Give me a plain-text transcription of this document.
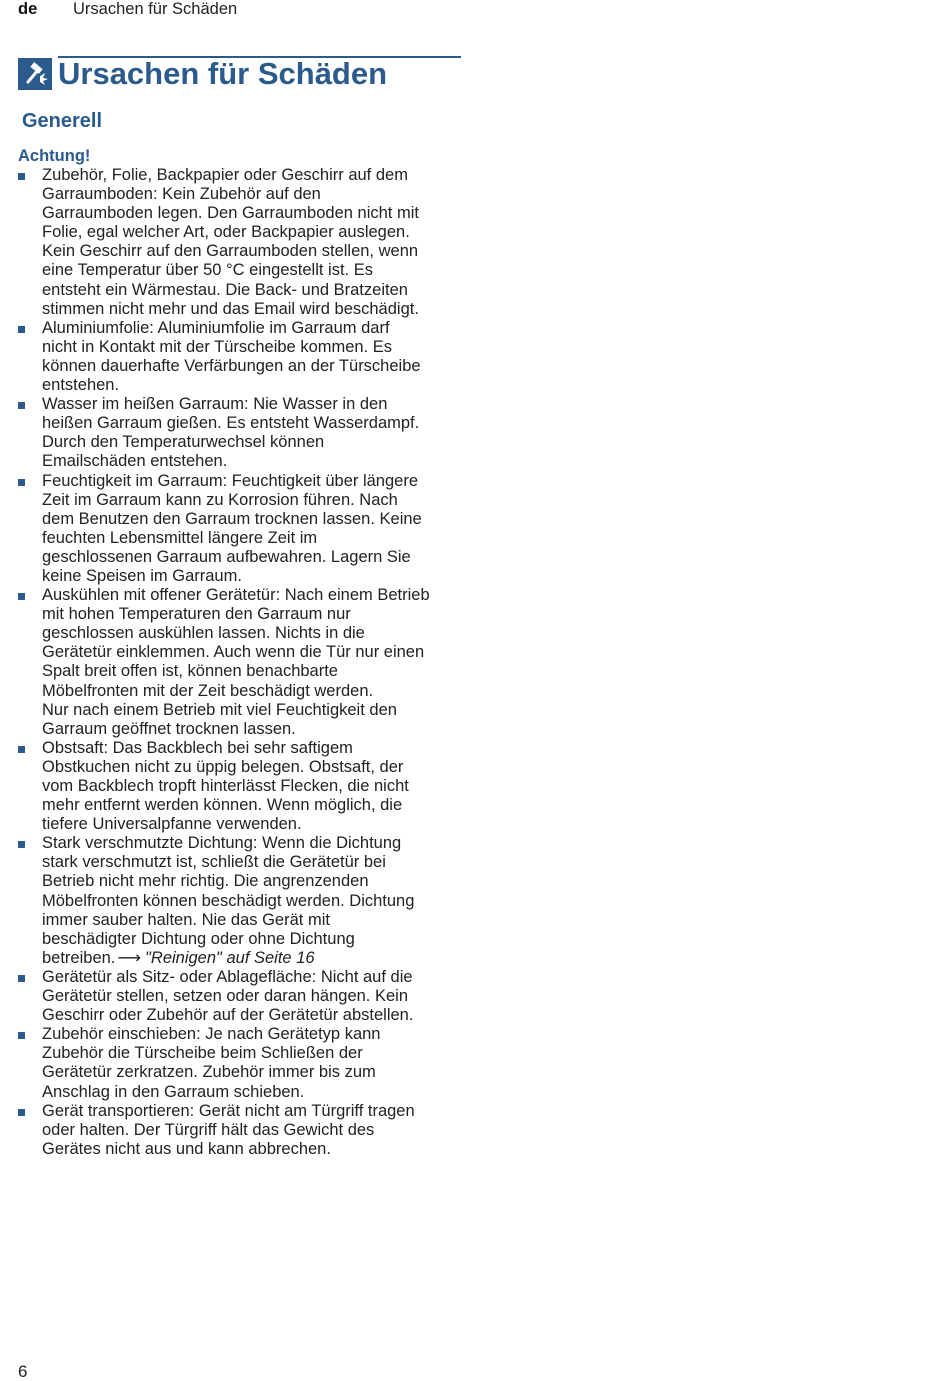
de Ursachen für Schäden
Ursachen für Schäden
Generell

Achtung!

Zubehör, Folie, Backpapier oder Geschirr auf dem
Garraumboden: Kein Zubehör auf den
Garraumboden legen. Den Garraumboden nicht mit
Folie, egal welcher Art, oder Backpapier auslegen.
Kein Geschirr auf den Garraumboden stellen, wenn
eine Temperatur über 50 °C eingestellt ist. Es
entsteht ein Wärmestau. Die Back- und Bratzeiten
stimmen nicht mehr und das Email wird beschädigt.
Aluminiumfolie: Aluminiumfolie im Garraum darf
nicht in Kontakt mit der Türscheibe kommen. Es
können dauerhafte Verfärbungen an der Türscheibe
entstehen.
Wasser im heißen Garraum: Nie Wasser in den
heißen Garraum gießen. Es entsteht Wasserdampf.
Durch den Temperaturwechsel können
Emailschäden entstehen.
Feuchtigkeit im Garraum: Feuchtigkeit über längere
Zeit im Garraum kann zu Korrosion führen. Nach
dem Benutzen den Garraum trocknen lassen. Keine
feuchten Lebensmittel längere Zeit im
geschlossenen Garraum aufbewahren. Lagern Sie
keine Speisen im Garraum.
Auskühlen mit offener Gerätetür: Nach einem Betrieb
mit hohen Temperaturen den Garraum nur
geschlossen auskühlen lassen. Nichts in die
Gerätetür einklemmen. Auch wenn die Tür nur einen
Spalt breit offen ist, können benachbarte
Möbelfronten mit der Zeit beschädigt werden.
Nur nach einem Betrieb mit viel Feuchtigkeit den
Garraum geöffnet trocknen lassen.
Obstsaft: Das Backblech bei sehr saftigem
Obstkuchen nicht zu üppig belegen. Obstsaft, der
vom Backblech tropft hinterlässt Flecken, die nicht
mehr entfernt werden können. Wenn möglich, die
tiefere Universalpfanne verwenden.
Stark verschmutzte Dichtung: Wenn die Dichtung
stark verschmutzt ist, schließt die Gerätetür bei
Betrieb nicht mehr richtig. Die angrenzenden
Möbelfronten können beschädigt werden. Dichtung
immer sauber halten. Nie das Gerät mit
beschädigter Dichtung oder ohne Dichtung
betreiben. ⟶ "Reinigen" auf Seite 16
Gerätetür als Sitz- oder Ablagefläche: Nicht auf die
Gerätetür stellen, setzen oder daran hängen. Kein
Geschirr oder Zubehör auf der Gerätetür abstellen.
Zubehör einschieben: Je nach Gerätetyp kann
Zubehör die Türscheibe beim Schließen der
Gerätetür zerkratzen. Zubehör immer bis zum
Anschlag in den Garraum schieben.
Gerät transportieren: Gerät nicht am Türgriff tragen
oder halten. Der Türgriff hält das Gewicht des
Gerätes nicht aus und kann abbrechen.
6
